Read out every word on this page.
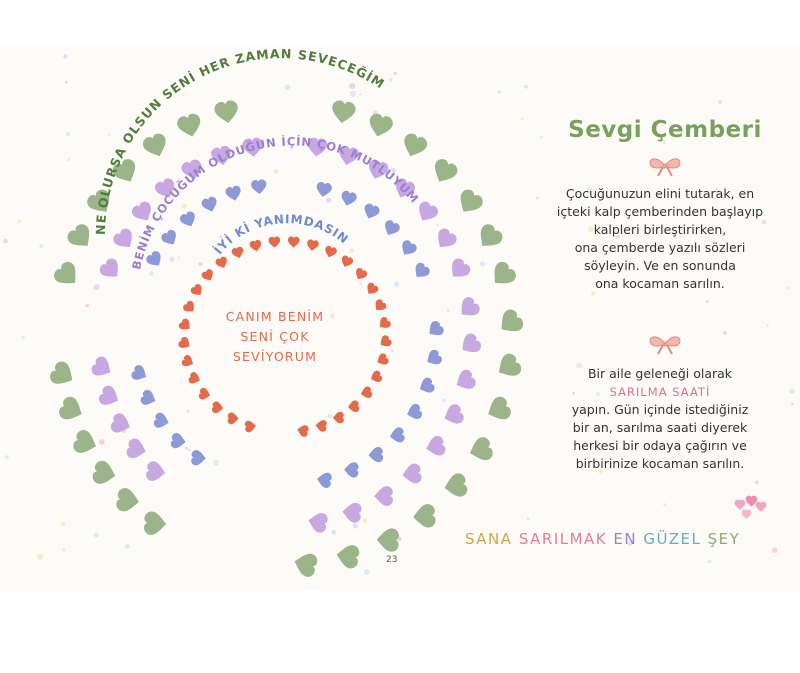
NE OLURSA OLSUN SENİ HER ZAMAN SEVECEĞİM
BENİM ÇOCUĞUM OLDUĞUN İÇİN ÇOK MUTLUYUM
İYİ Kİ YANIMDASIN
CANIM BENİM
SENİ ÇOK
SEVİYORUM
23
Sevgi Çemberi
Çocuğunuzun elini tutarak, en
içteki kalp çemberinden başlayıp
kalpleri birleştirirken,
ona çemberde yazılı sözleri
söyleyin. Ve en sonunda
ona kocaman sarılın.
Bir aile geleneği olarak
SARILMA SAATİ
yapın. Gün içinde istediğiniz
bir an, sarılma saati diyerek
herkesi bir odaya çağırın ve
birbirinize kocaman sarılın.
SANA SARILMAK EN GÜZEL ŞEY
